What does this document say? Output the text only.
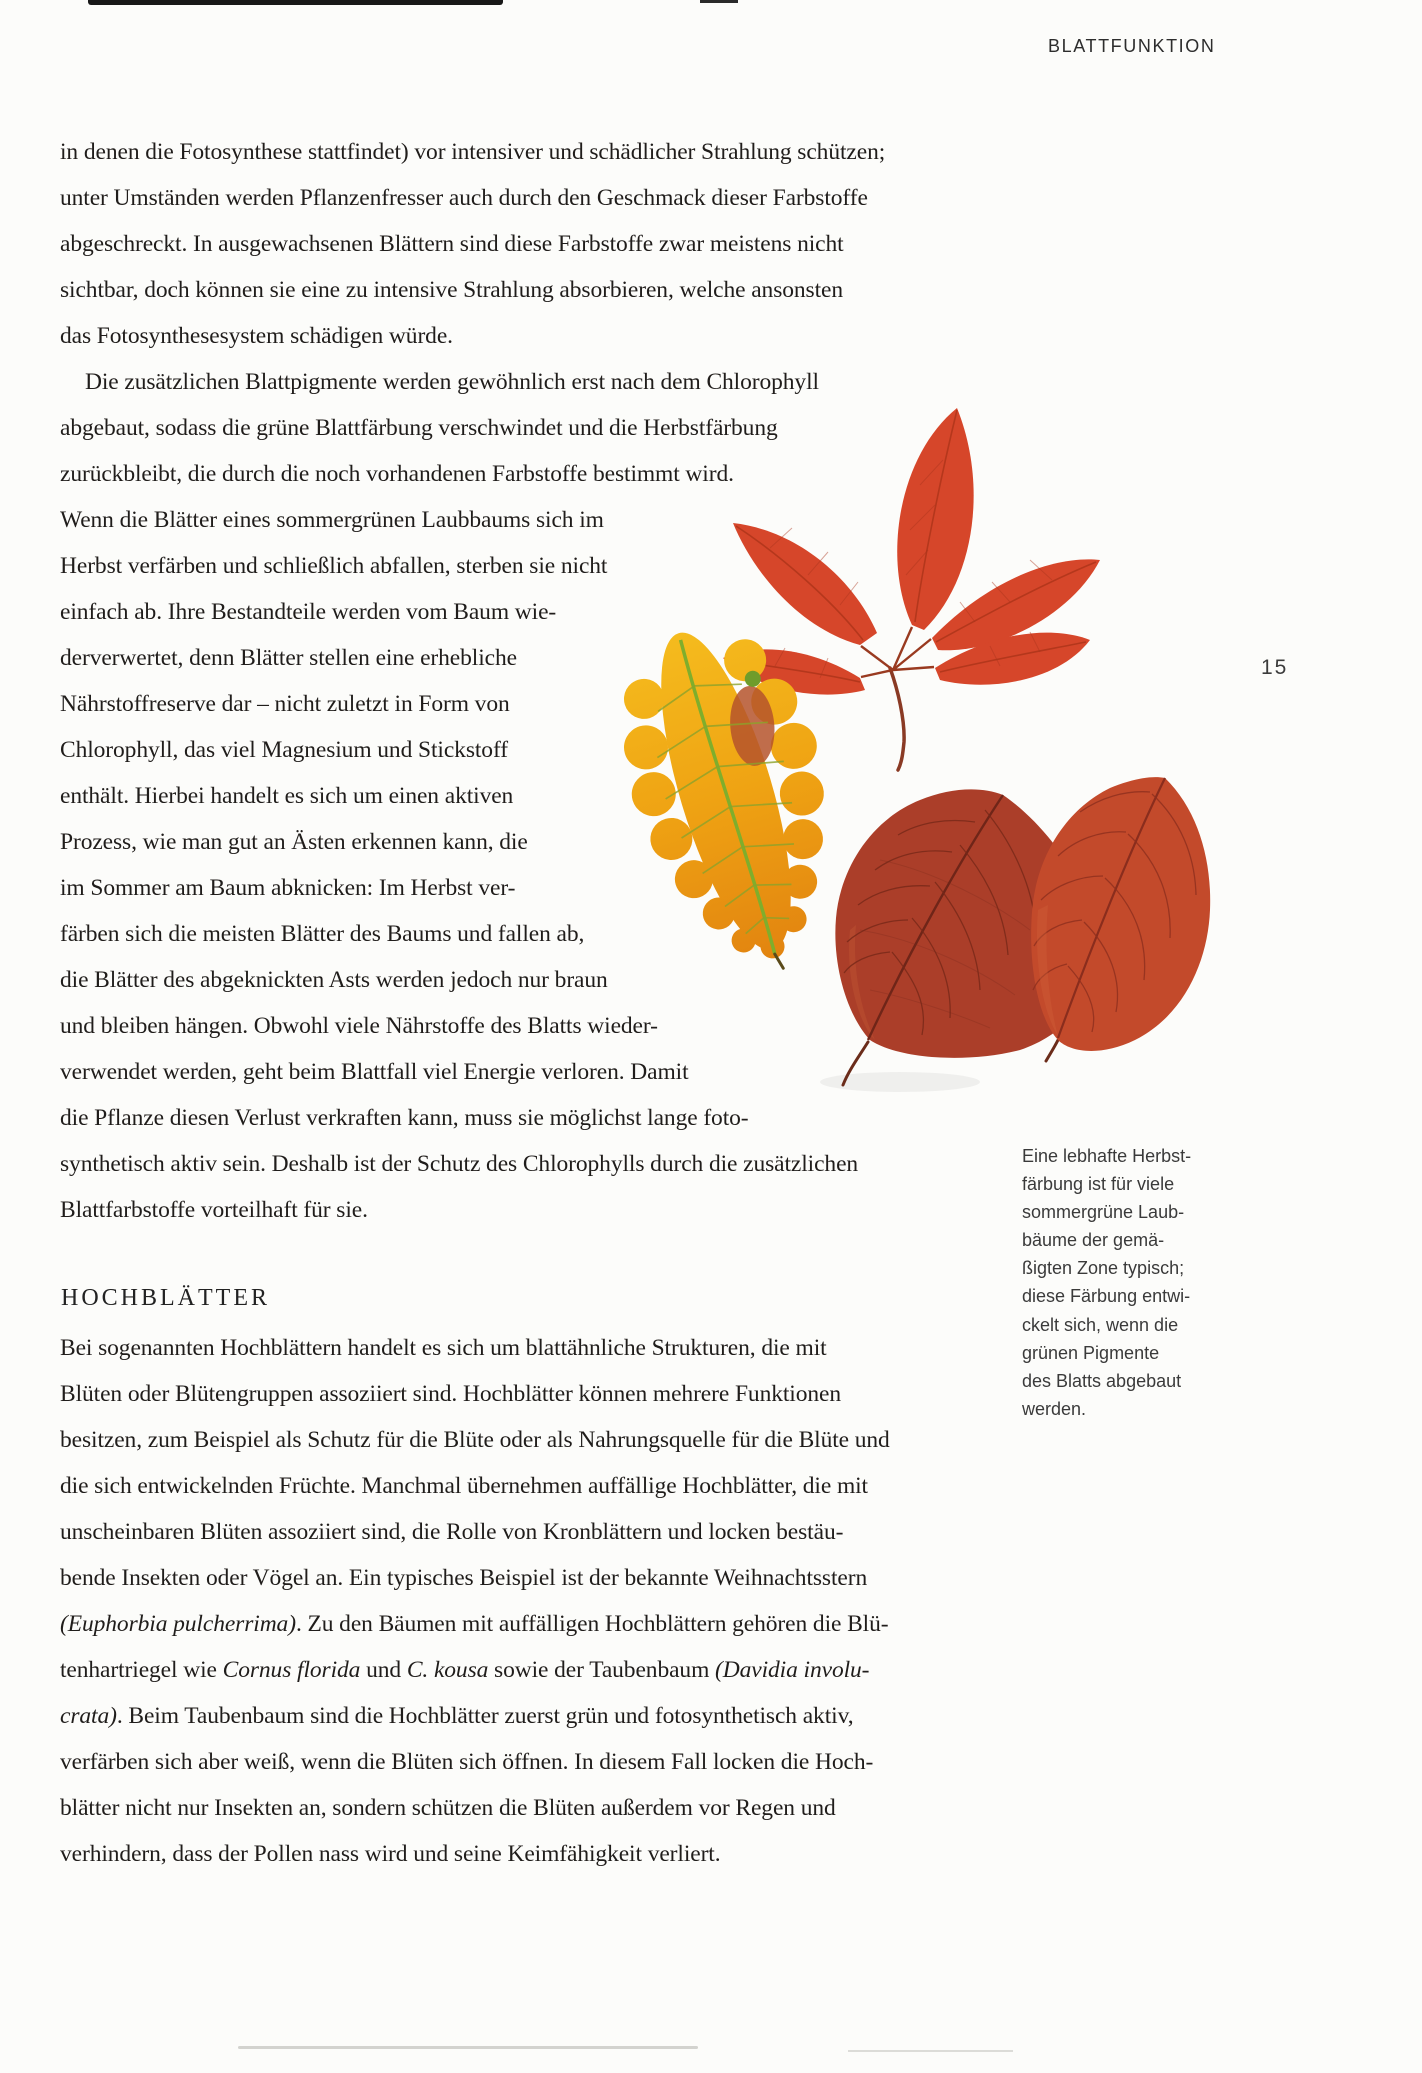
BLATTFUNKTION
15
in denen die Fotosynthese stattfindet) vor intensiver und schädlicher Strahlung schützen;
unter Umständen werden Pflanzenfresser auch durch den Geschmack dieser Farbstoffe
abgeschreckt. In ausgewachsenen Blättern sind diese Farbstoffe zwar meistens nicht
sichtbar, doch können sie eine zu intensive Strahlung absorbieren, welche ansonsten
das Fotosynthesesystem schädigen würde.
Die zusätzlichen Blattpigmente werden gewöhnlich erst nach dem Chlorophyll
abgebaut, sodass die grüne Blattfärbung verschwindet und die Herbstfärbung
zurückbleibt, die durch die noch vorhandenen Farbstoffe bestimmt wird.
Wenn die Blätter eines sommergrünen Laubbaums sich im
Herbst verfärben und schließlich abfallen, sterben sie nicht
einfach ab. Ihre Bestandteile werden vom Baum wie-
derverwertet, denn Blätter stellen eine erhebliche
Nährstoffreserve dar – nicht zuletzt in Form von
Chlorophyll, das viel Magnesium und Stickstoff
enthält. Hierbei handelt es sich um einen aktiven
Prozess, wie man gut an Ästen erkennen kann, die
im Sommer am Baum abknicken: Im Herbst ver-
färben sich die meisten Blätter des Baums und fallen ab,
die Blätter des abgeknickten Asts werden jedoch nur braun
und bleiben hängen. Obwohl viele Nährstoffe des Blatts wieder-
verwendet werden, geht beim Blattfall viel Energie verloren. Damit
die Pflanze diesen Verlust verkraften kann, muss sie möglichst lange foto-
synthetisch aktiv sein. Deshalb ist der Schutz des Chlorophylls durch die zusätzlichen
Blattfarbstoffe vorteilhaft für sie.
HOCHBLÄTTER
Bei sogenannten Hochblättern handelt es sich um blattähnliche Strukturen, die mit
Blüten oder Blütengruppen assoziiert sind. Hochblätter können mehrere Funktionen
besitzen, zum Beispiel als Schutz für die Blüte oder als Nahrungsquelle für die Blüte und
die sich entwickelnden Früchte. Manchmal übernehmen auffällige Hochblätter, die mit
unscheinbaren Blüten assoziiert sind, die Rolle von Kronblättern und locken bestäu-
bende Insekten oder Vögel an. Ein typisches Beispiel ist der bekannte Weihnachtsstern
(Euphorbia pulcherrima). Zu den Bäumen mit auffälligen Hochblättern gehören die Blü-
tenhartriegel wie Cornus florida und C. kousa sowie der Taubenbaum (Davidia involu-
crata). Beim Taubenbaum sind die Hochblätter zuerst grün und fotosynthetisch aktiv,
verfärben sich aber weiß, wenn die Blüten sich öffnen. In diesem Fall locken die Hoch-
blätter nicht nur Insekten an, sondern schützen die Blüten außerdem vor Regen und
verhindern, dass der Pollen nass wird und seine Keimfähigkeit verliert.
Eine lebhafte Herbst-
färbung ist für viele
sommergrüne Laub-
bäume der gemä-
ßigten Zone typisch;
diese Färbung entwi-
ckelt sich, wenn die
grünen Pigmente
des Blatts abgebaut
werden.
